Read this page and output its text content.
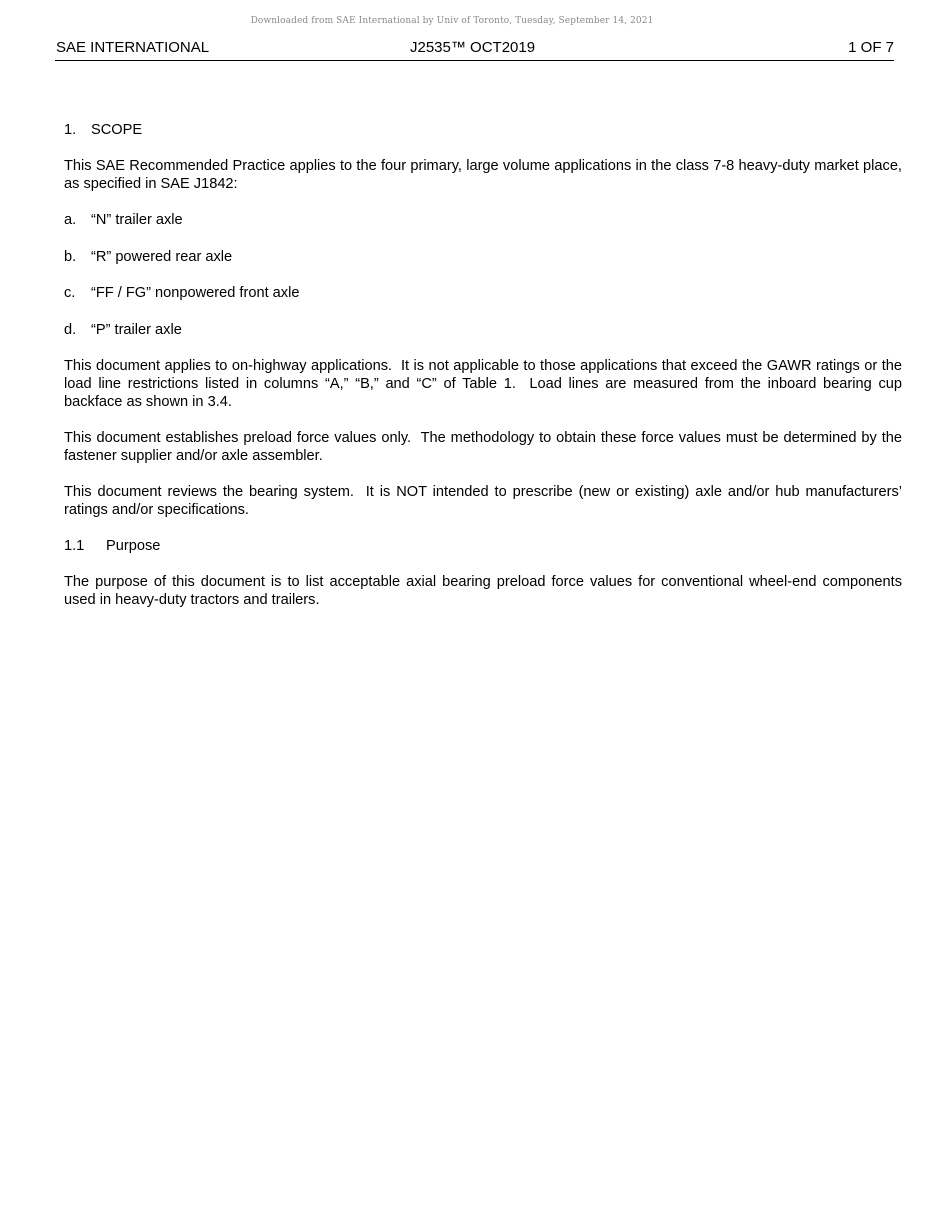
Downloaded from SAE International by Univ of Toronto, Tuesday, September 14, 2021
SAE INTERNATIONAL	J2535™ OCT2019	1 OF 7
1. SCOPE

This SAE Recommended Practice applies to the four primary, large volume applications in the class 7-8 heavy-duty market place, as specified in SAE J1842:

a. “N” trailer axle
b. “R” powered rear axle
c. “FF / FG” nonpowered front axle
d. “P” trailer axle

This document applies to on-highway applications.  It is not applicable to those applications that exceed the GAWR ratings or the load line restrictions listed in columns “A,” “B,” and “C” of Table 1.  Load lines are measured from the inboard bearing cup backface as shown in 3.4.

This document establishes preload force values only.  The methodology to obtain these force values must be determined by the fastener supplier and/or axle assembler.

This document reviews the bearing system.  It is NOT intended to prescribe (new or existing) axle and/or hub manufacturers’ ratings and/or specifications.

1.1 Purpose

The purpose of this document is to list acceptable axial bearing preload force values for conventional wheel-end components used in heavy-duty tractors and trailers.
